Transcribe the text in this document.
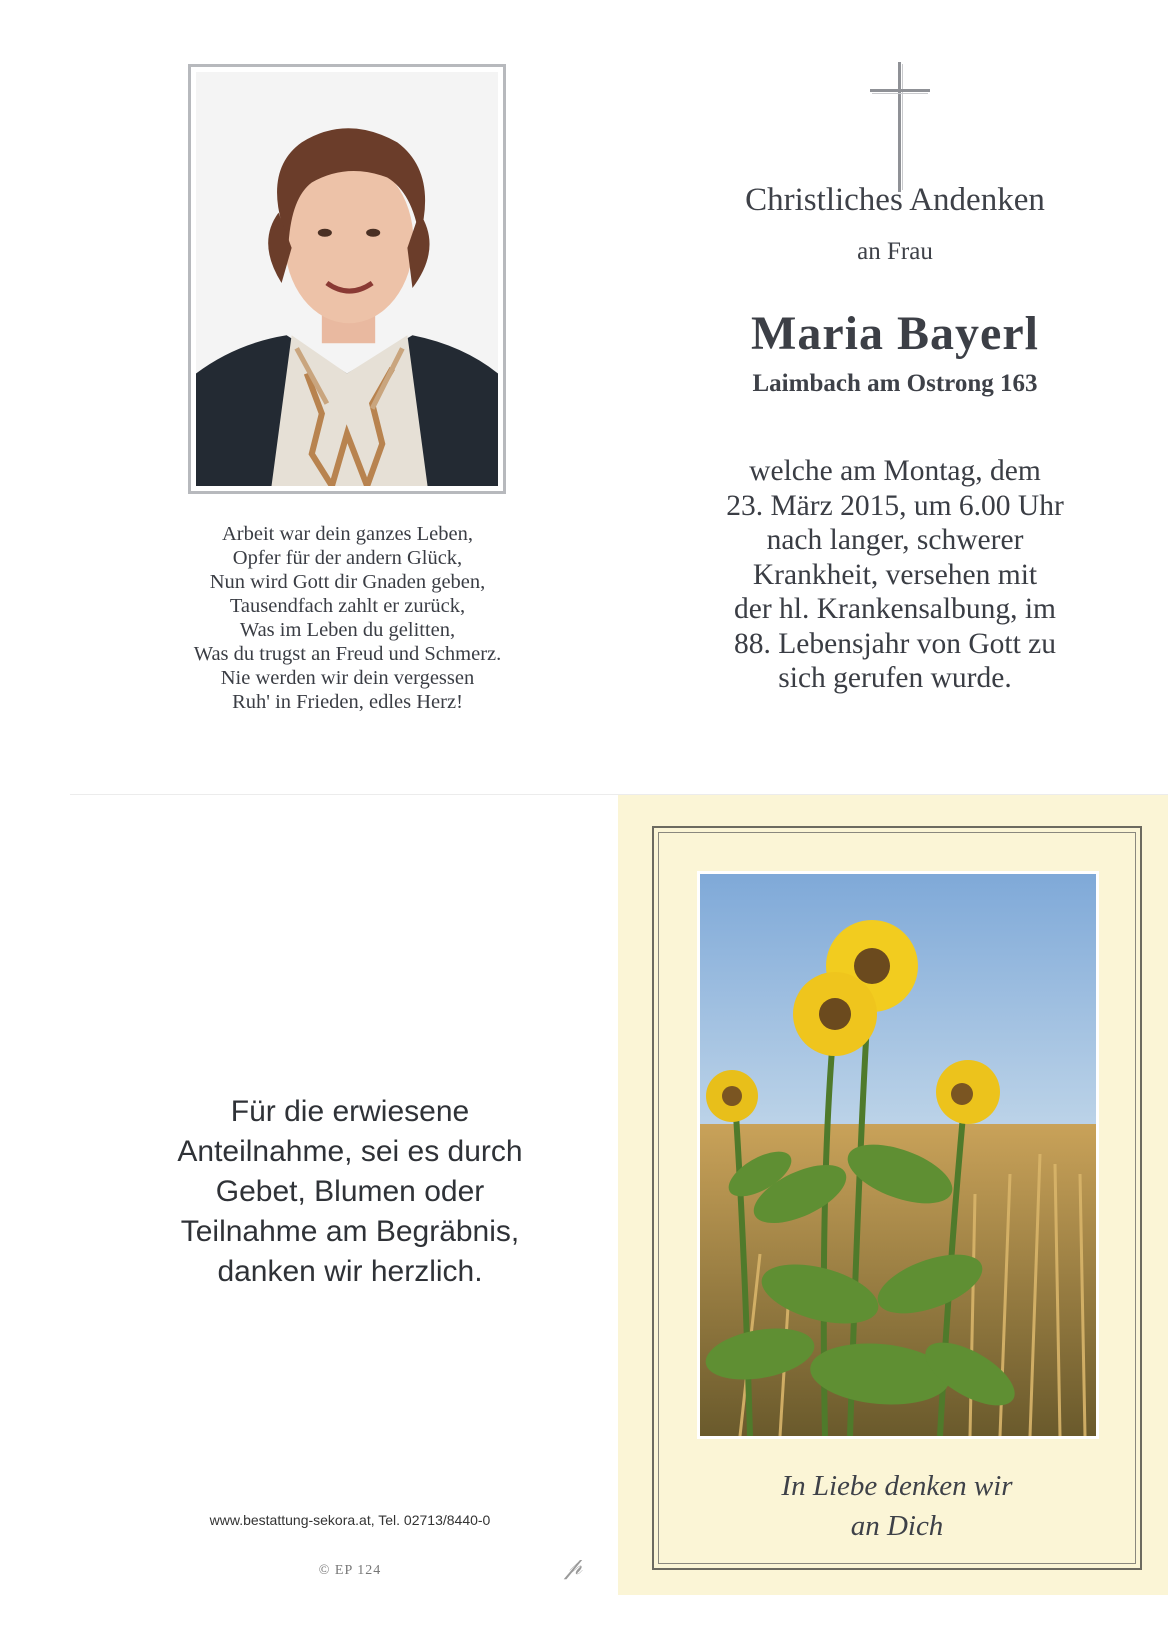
Arbeit war dein ganzes Leben,
Opfer für der andern Glück,
Nun wird Gott dir Gnaden geben,
Tausendfach zahlt er zurück,
Was im Leben du gelitten,
Was du trugst an Freud und Schmerz.
Nie werden wir dein vergessen
Ruh' in Frieden, edles Herz!
Christliches Andenken
an Frau
Maria Bayerl
Laimbach am Ostrong 163
welche am Montag, dem
23. März 2015, um 6.00 Uhr
nach langer, schwerer
Krankheit, versehen mit
der hl. Krankensalbung, im
88. Lebensjahr von Gott zu
sich gerufen wurde.
Für die erwiesene
Anteilnahme, sei es durch
Gebet, Blumen oder
Teilnahme am Begräbnis,
danken wir herzlich.
www.bestattung-sekora.at, Tel. 02713/8440-0
© EP 124	𝓅
In Liebe denken wir
an Dich
